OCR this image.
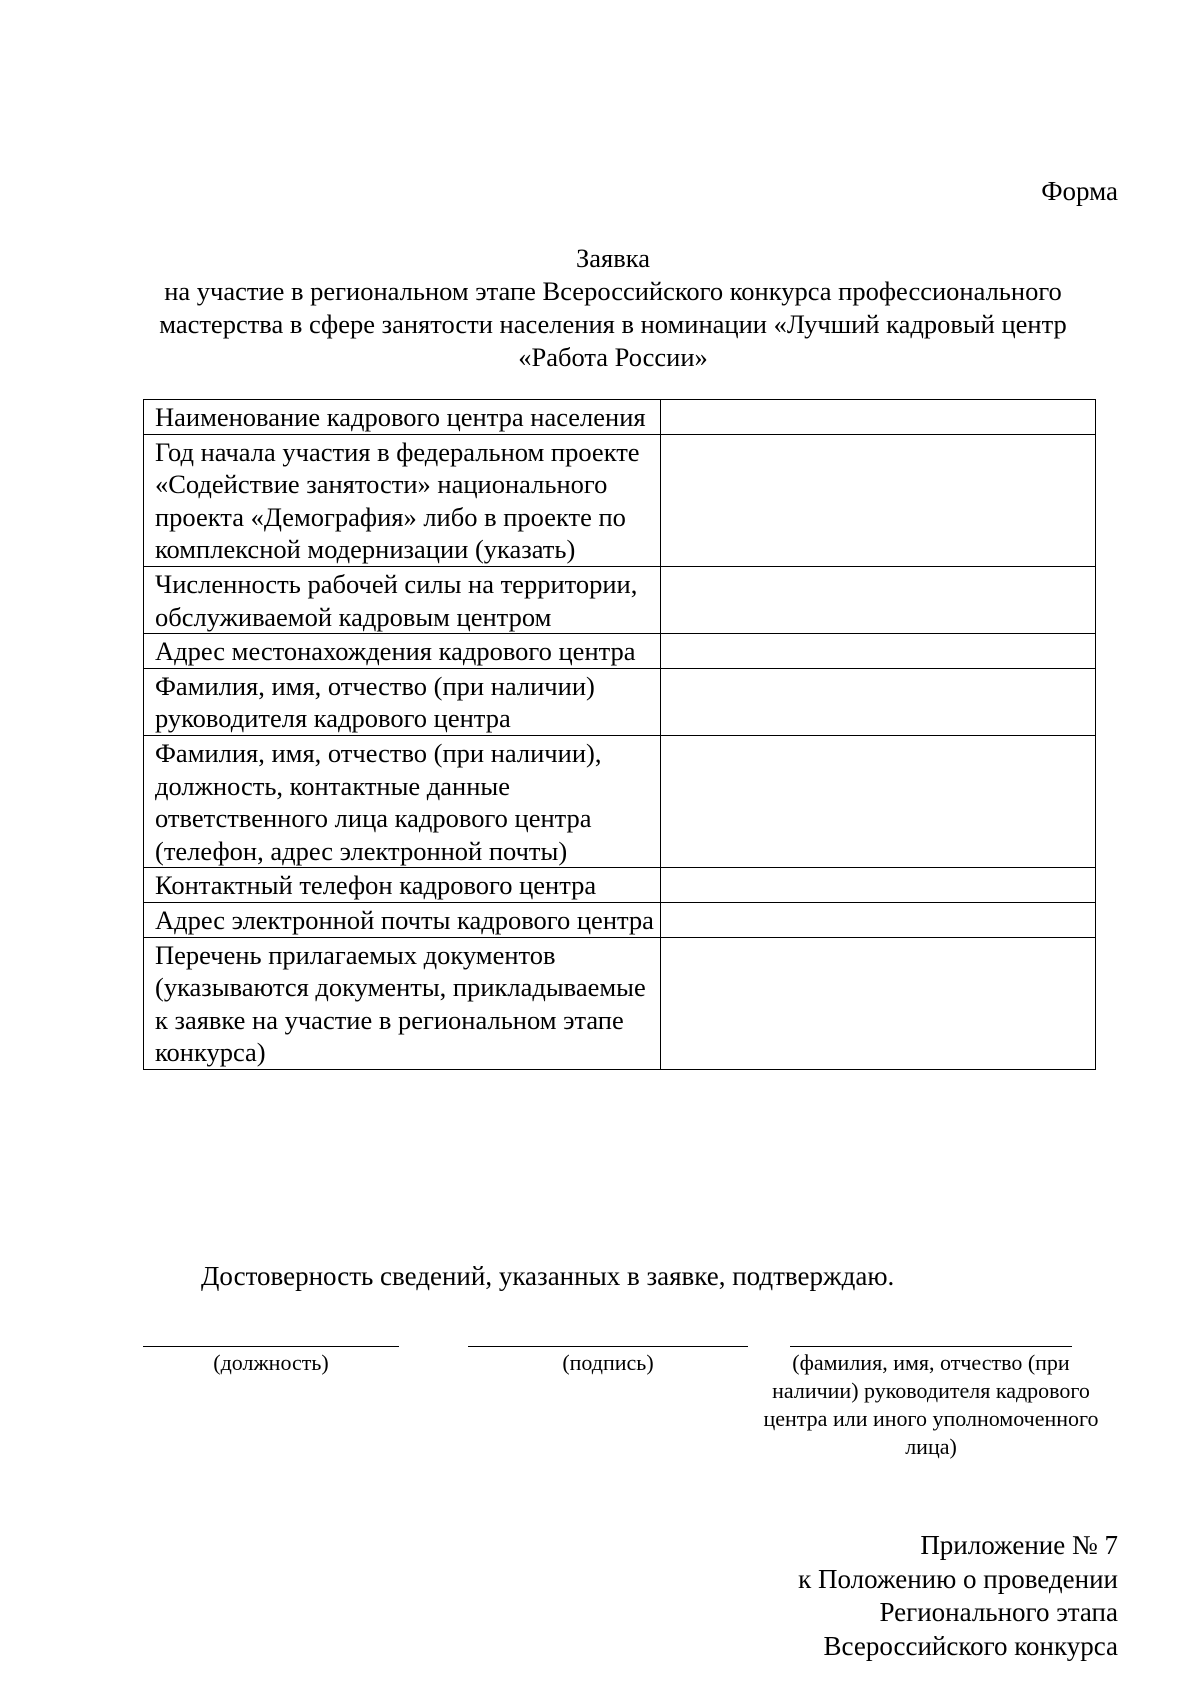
Форма

Заявка
на участие в региональном этапе Всероссийского конкурса профессионального
мастерства в сфере занятости населения в номинации «Лучший кадровый центр
«Работа России»
Наименование кадрового центра населения	
Год начала участия в федеральном проекте «Содействие занятости» национального проекта «Демография» либо в проекте по комплексной модернизации (указать)	
Численность рабочей силы на территории, обслуживаемой кадровым центром	
Адрес местонахождения кадрового центра	
Фамилия, имя, отчество (при наличии) руководителя кадрового центра	
Фамилия, имя, отчество (при наличии), должность, контактные данные ответственного лица кадрового центра (телефон, адрес электронной почты)	
Контактный телефон кадрового центра	
Адрес электронной почты кадрового центра	
Перечень прилагаемых документов (указываются документы, прикладываемые к заявке на участие в региональном этапе конкурса)	

Достоверность сведений, указанных в заявке, подтверждаю.

(должность)	(подпись)	(фамилия, имя, отчество (при наличии) руководителя кадрового центра или иного уполномоченного лица)
Приложение № 7
к Положению о проведении
Регионального этапа
Всероссийского конкурса
